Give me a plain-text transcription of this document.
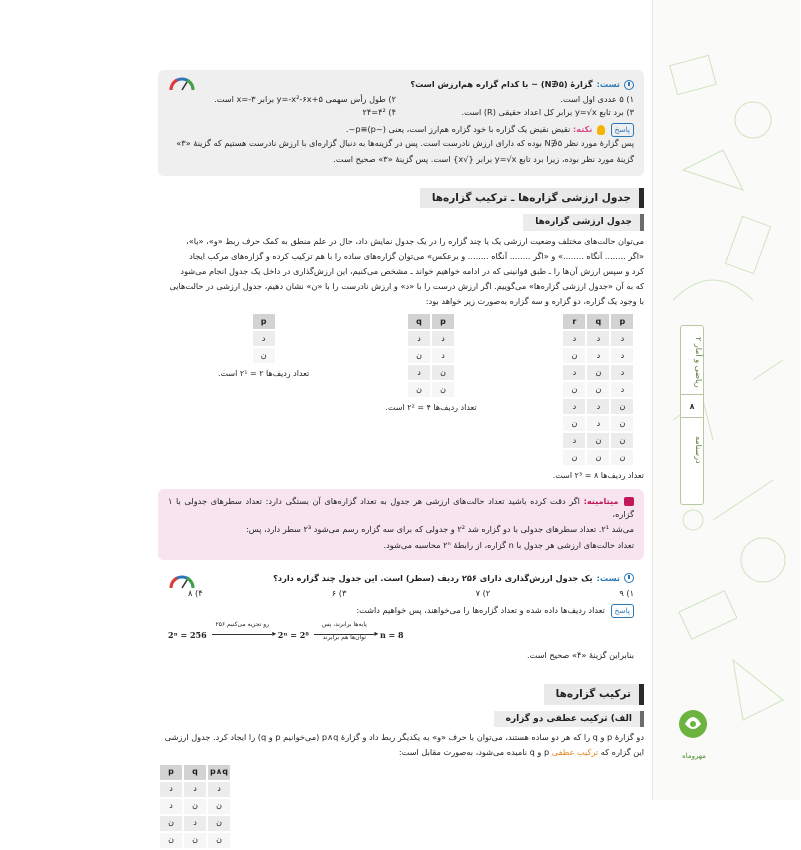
ریاضی و آمار ۲
۸
درسنامه
مهروماه
تست:
گزارهٔ (N∌۵) ~ با کدام گزاره هم‌ارزش است؟
۱) ۵ عددی اول است.
۲) طول رأس سهمی y=-x²-۶x+۵ برابر x=-۳ است.
۳) برد تابع y=√x برابر کل اعداد حقیقی (R) است.
۴) ۴²=۲۴
پاسخ  نکته: نقیض نقیض یک گزاره با خود گزاره هم‌ارز است، یعنی p≡(p~)~.

پس گزارهٔ مورد نظر N∌۵ بوده که دارای ارزش نادرست است. پس در گزینه‌ها به دنبال گزاره‌ای با ارزش نادرست هستیم که گزینهٔ «۳»

گزینهٔ مورد نظر بوده، زیرا برد تابع y=√x برابر {√x} است. پس گزینهٔ «۳» صحیح است.

جدول ارزشی گزاره‌ها ـ ترکیب گزاره‌ها
جدول ارزشی گزاره‌ها

می‌توان حالت‌های مختلف وضعیت ارزشی یک یا چند گزاره را در یک جدول نمایش داد، حال در علم منطق به کمک حرف ربط «و»، «یا»،

«اگر ........ آنگاه ........» و «اگر ........ آنگاه ........ و برعکس» می‌توان گزاره‌های ساده را با هم ترکیب کرده و گزاره‌های مرکب ایجاد

کرد و سپس ارزش آن‌ها را ـ طبق قوانینی که در ادامه خواهیم خواند ـ مشخص می‌کنیم، این ارزش‌گذاری در داخل یک جدول انجام می‌شود

که به آن «جدول ارزشی گزاره‌ها» می‌گوییم. اگر ارزش درست را با «د» و ارزش نادرست را با «ن» نشان دهیم، جدول ارزشی در حالت‌هایی

با وجود یک گزاره، دو گزاره و سه گزاره به‌صورت زیر خواهد بود:

p	q	r
د	د	د
د	د	ن
د	ن	د
د	ن	ن
ن	د	د
ن	د	ن
ن	ن	د
ن	ن	ن
تعداد ردیف‌ها ۸ = ۲³ است.
p	q
د	د
د	ن
ن	د
ن	ن
تعداد ردیف‌ها ۴ = ۲² است.
p
د
ن
تعداد ردیف‌ها ۲ = ۲¹ است.

میتامینه: اگر دقت کرده باشید تعداد حالت‌های ارزشی هر جدول به تعداد گزاره‌های آن بستگی دارد: تعداد سطرهای جدولی با ۱ گزاره،

می‌شد ۲¹. تعداد سطرهای جدولی با دو گزاره شد ۲² و جدولی که برای سه گزاره رسم می‌شود ۲³ سطر دارد، پس:

تعداد حالت‌های ارزشی هر جدول با n گزاره، از رابطهٔ ۲ⁿ محاسبه می‌شود.

تست:
یک جدول ارزش‌گذاری دارای ۲۵۶ ردیف (سطر) است. این جدول چند گزاره دارد؟
۱) ۹
۲) ۷
۳) ۶
۴) ۸
پاسخ تعداد ردیف‌ها داده شده و تعداد گزاره‌ها را می‌خواهند، پس خواهیم داشت:
2ⁿ = 256
۲۵۶ رو تجزیه می‌کنیم
▸ 2ⁿ = 2⁸
پایه‌ها برابرند، پس
▸
توان‌ها هم برابرند	n = 8

بنابراین گزینهٔ «۴» صحیح است.

ترکیب گزاره‌ها
الف) ترکیب عطفی دو گزاره

دو گزارهٔ p و q را که هر دو ساده هستند، می‌توان با حرف «و» به یکدیگر ربط داد و گزارهٔ p∧q (می‌خوانیم p و q) را ایجاد کرد. جدول ارزشی

این گزاره که ترکیب عطفی p و q نامیده می‌شود، به‌صورت مقابل است:

p	q	p∧q
د	د	د
د	ن	ن
ن	د	ن
ن	ن	ن
